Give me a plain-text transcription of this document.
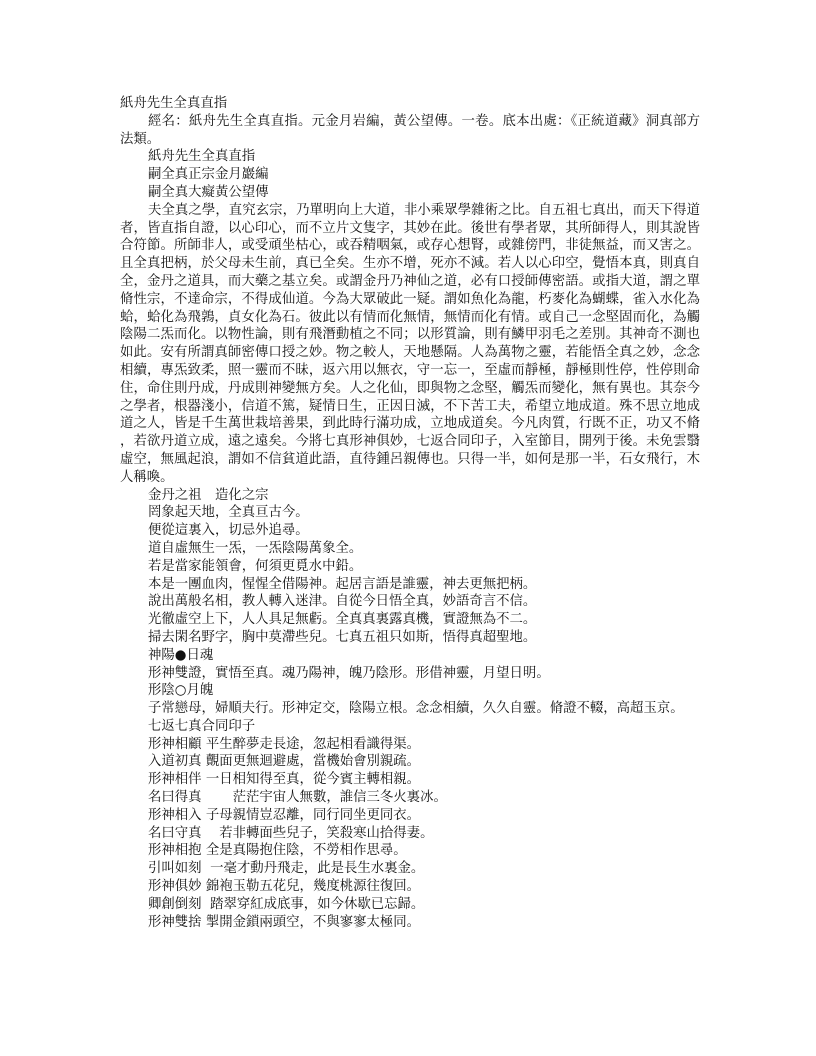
紙舟先生全真直指

經名：紙舟先生全真直指。元金月岩編，黃公望傳。一卷。底本出處：《正統道藏》洞真部方法類。

紙舟先生全真直指
嗣全真正宗金月巖編
嗣全真大癡黃公望傳

夫全真之學，直究玄宗，乃單明向上大道，非小乘眾學雜術之比。自五祖七真出，而天下得道者，皆直指自證，以心印心，而不立片文隻字，其妙在此。後世有學者眾，其所師得人，則其說皆合符節。所師非人，或受頑坐枯心，或吞精咽氣，或存心想腎，或雜傍門，非徒無益，而又害之。且全真把柄，於父母未生前，真已全矣。生亦不增，死亦不減。若人以心印空，覺悟本真，則真自全，金丹之道具，而大藥之基立矣。或謂金丹乃神仙之道，必有口授師傳密語。或指大道，謂之單脩性宗，不達命宗，不得成仙道。今為大眾破此一疑。謂如魚化為龍，朽麥化為蝴蝶，雀入水化為蛤，蛤化為飛鶉，貞女化為石。彼此以有情而化無情，無情而化有情。或自己一念堅固而化，為觸陰陽二炁而化。以物性論，則有飛潛動植之不同；以形質論，則有鱗甲羽毛之差別。其神奇不測也如此。安有所謂真師密傳口授之妙。物之較人，天地懸隔。人為萬物之靈，若能悟全真之妙，念念相續，專炁致柔，照一靈而不昧，返六用以無衣，守一忘一，至虛而靜極，靜極則性停，性停則命住，命住則丹成，丹成則神變無方矣。人之化仙，即與物之念堅，觸炁而變化，無有異也。其奈今之學者，根器淺小，信道不篤，疑情日生，正因日滅，不下苦工夫，希望立地成道。殊不思立地成道之人，皆是千生萬世栽培善果，到此時行滿功成，立地成道矣。今凡肉質，行既不正，功又不脩，若欲丹道立成，遠之遠矣。今將七真形神俱妙，七返合同印子，入室節目，開列于後。未免雲翳虛空，無風起浪，謂如不信貧道此語，直待鍾呂親傳也。只得一半，如何是那一半，石女飛行，木人稱喚。

金丹之祖　造化之宗
罔象起天地，全真亘古今。
便從這裏入，切忌外追尋。
道自虛無生一炁，一炁陰陽萬象全。
若是當家能領會，何須更覓水中鉛。
本是一團血肉，惺惺全借陽神。起居言語是誰靈，神去更無把柄。
說出萬般名相，教人轉入迷津。自從今日悟全真，妙語奇言不信。
光徹虛空上下，人人具足無虧。全真真裏露真機，實證無為不二。
掃去閑名野字，胸中莫滯些兒。七真五祖只如斯，悟得真超聖地。
神陽●日魂
形神雙證，實悟至真。魂乃陽神，魄乃陰形。形借神靈，月望日明。
形陰○月魄
子常戀母，婦順夫行。形神定交，陰陽立根。念念相續，久久自靈。脩證不輟，高超玉京。
七返七真合同印子
形神相顧
平生醉夢走長途，忽起相看識得渠。
入道初真
覿面更無迴避處，當機始會別親疏。
形神相伴
一日相知得至真，從今賓主轉相親。
名曰得真
　　 茫茫宇宙人無數，誰信三冬火裏冰。
形神相入
子母親情豈忍離，同行同坐更同衣。
名曰守真
　 若非轉面些兒子，笑殺寒山拾得妻。
形神相抱
全是真陽抱住陰，不勞相作思尋。
引叫如刻
一毫才動丹飛走，此是長生水裏金。
形神俱妙
錦袍玉勒五花兒，幾度桃源往復回。
卿創倒刻
踏翠穿紅成底事，如今休歇已忘歸。
形神雙捨
掣開金鎖兩頭空，不與寥寥太極同。
